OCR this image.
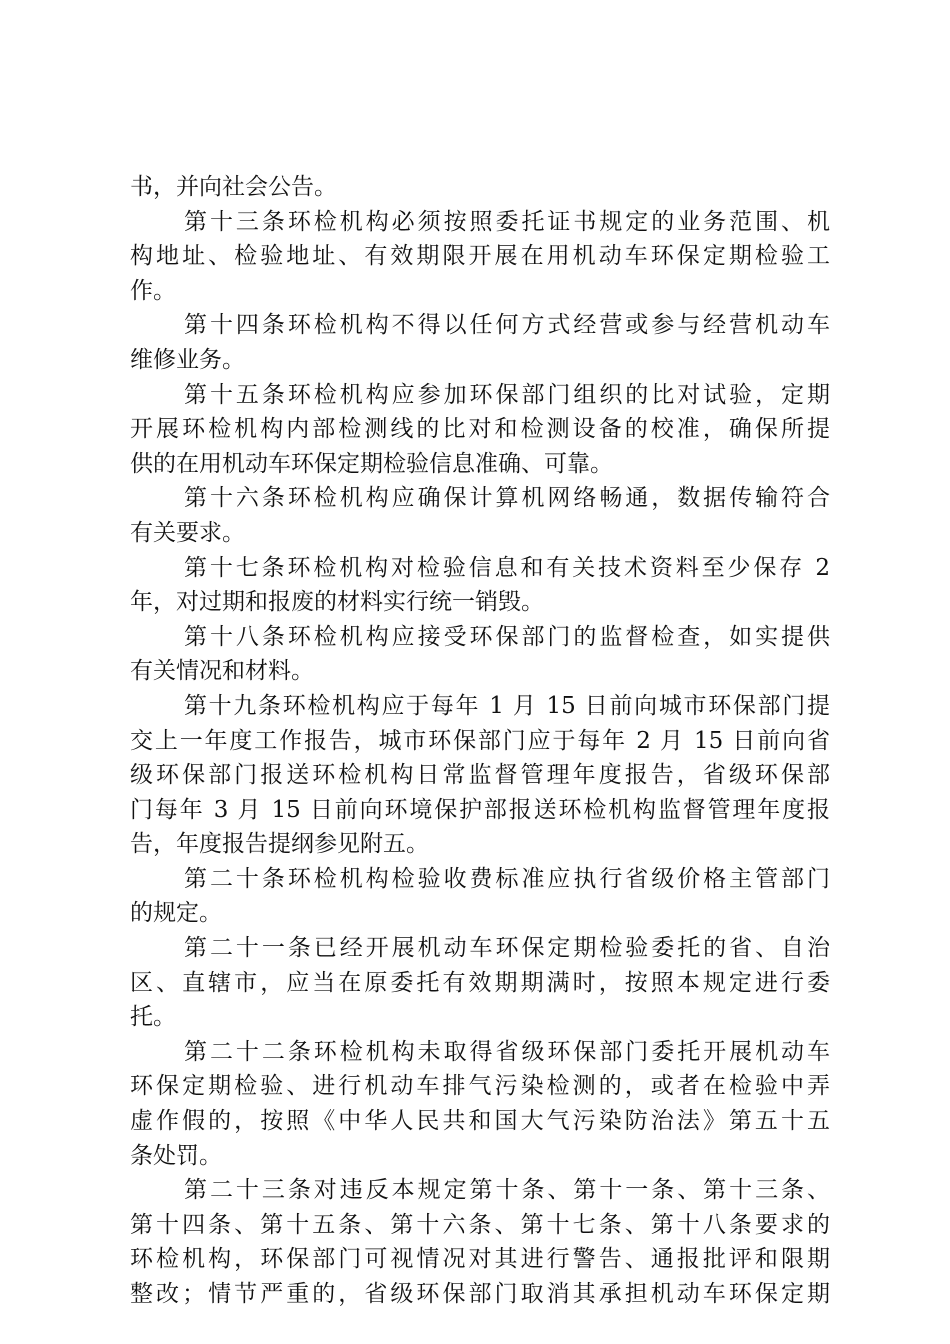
书，并向社会公告。
第十三条环检机构必须按照委托证书规定的业务范围、机
构地址、检验地址、有效期限开展在用机动车环保定期检验工
作。
第十四条环检机构不得以任何方式经营或参与经营机动车
维修业务。
第十五条环检机构应参加环保部门组织的比对试验，定期
开展环检机构内部检测线的比对和检测设备的校准，确保所提
供的在用机动车环保定期检验信息准确、可靠。
第十六条环检机构应确保计算机网络畅通，数据传输符合
有关要求。
第十七条环检机构对检验信息和有关技术资料至少保存 2
年，对过期和报废的材料实行统一销毁。
第十八条环检机构应接受环保部门的监督检查，如实提供
有关情况和材料。
第十九条环检机构应于每年 1 月 15 日前向城市环保部门提
交上一年度工作报告，城市环保部门应于每年 2 月 15 日前向省
级环保部门报送环检机构日常监督管理年度报告，省级环保部
门每年 3 月 15 日前向环境保护部报送环检机构监督管理年度报
告，年度报告提纲参见附五。
第二十条环检机构检验收费标准应执行省级价格主管部门
的规定。
第二十一条已经开展机动车环保定期检验委托的省、自治
区、直辖市，应当在原委托有效期期满时，按照本规定进行委
托。
第二十二条环检机构未取得省级环保部门委托开展机动车
环保定期检验、进行机动车排气污染检测的，或者在检验中弄
虚作假的，按照《中华人民共和国大气污染防治法》第五十五
条处罚。
第二十三条对违反本规定第十条、第十一条、第十三条、
第十四条、第十五条、第十六条、第十七条、第十八条要求的
环检机构，环保部门可视情况对其进行警告、通报批评和限期
整改；情节严重的，省级环保部门取消其承担机动车环保定期
